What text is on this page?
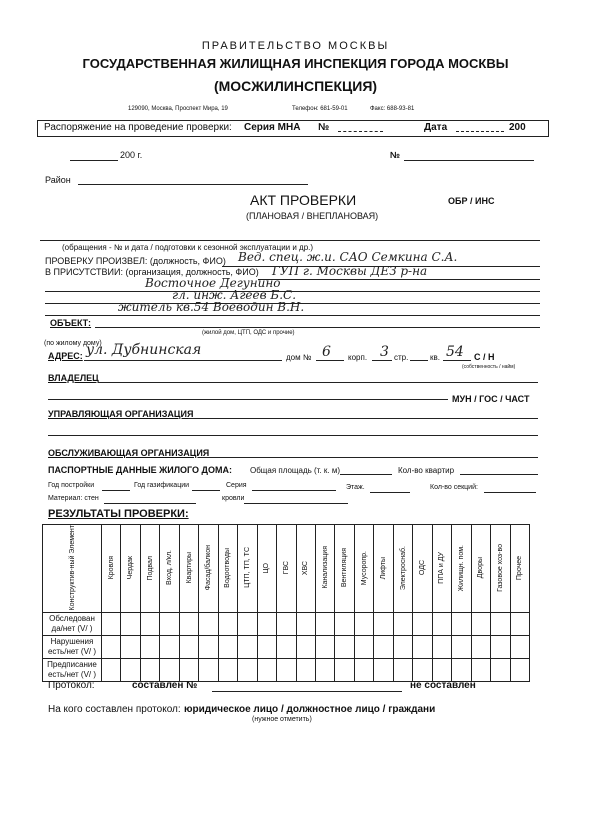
ПРАВИТЕЛЬСТВО МОСКВЫ
ГОСУДАРСТВЕННАЯ ЖИЛИЩНАЯ ИНСПЕКЦИЯ ГОРОДА МОСКВЫ
(МОСЖИЛИНСПЕКЦИЯ)
129090, Москва, Проспект Мира, 19	Телефон: 681-59-01	Факс: 688-93-81
Распоряжение на проведение проверки: Серия МНА №	Дата	200
200 г.	№
Район
АКТ ПРОВЕРКИ	ОБР / ИНС
(ПЛАНОВАЯ / ВНЕПЛАНОВАЯ)
(обращения - № и дата / подготовки к сезонной эксплуатации и др.)
ПРОВЕРКУ ПРОИЗВЕЛ: (должность, ФИО) Вед. спец. ж.и. САО Семкина С.А.
В ПРИСУТСТВИИ: (организация, должность, ФИО) ГУП г. Москвы ДЕЗ р-на
Восточное Дегунино
гл. инж. Агеев Б.С.
житель кв.54 Воеводин В.Н.
ОБЪЕКТ:
(жилой дом, ЦТП, ОДС и прочие)
(по жилому дому)
АДРЕС: ул. Дубнинская	дом № 6 корп. 3 стр.	кв. 54 С / Н
(собственность / найм)
ВЛАДЕЛЕЦ
МУН / ГОС / ЧАСТ
УПРАВЛЯЮЩАЯ ОРГАНИЗАЦИЯ
ОБСЛУЖИВАЮЩАЯ ОРГАНИЗАЦИЯ
ПАСПОРТНЫЕ ДАННЫЕ ЖИЛОГО ДОМА: Общая площадь (т. к. м)	Кол-во квартир
Год постройки	Год газификации	Серия	Этаж.	Кол-во секций:
Материал: стен	кровли
РЕЗУЛЬТАТЫ ПРОВЕРКИ:
Конструктив-ный Элемент	Кровля	Чердак	Подвал	Вход, л/кл.	Квартиры	Фасад/балкон	Водоотводы	ЦТП, ТП, ТС	ЦО	ГВС	ХВС	Канализация	Вентиляция	Мусоропр.	Лифты	Электроснаб.	ОДС	ППА и ДУ	Жилищн. пом.	Дворы	Газовое хоз-во	Прочее
Обследован да/нет (V/ )																						
Нарушения есть/нет (V/ )																						
Предписание есть/нет (V/ )																						
Протокол:	составлен №	не составлен
На кого составлен протокол: юридическое лицо / должностное лицо / граждани
(нужное отметить)
